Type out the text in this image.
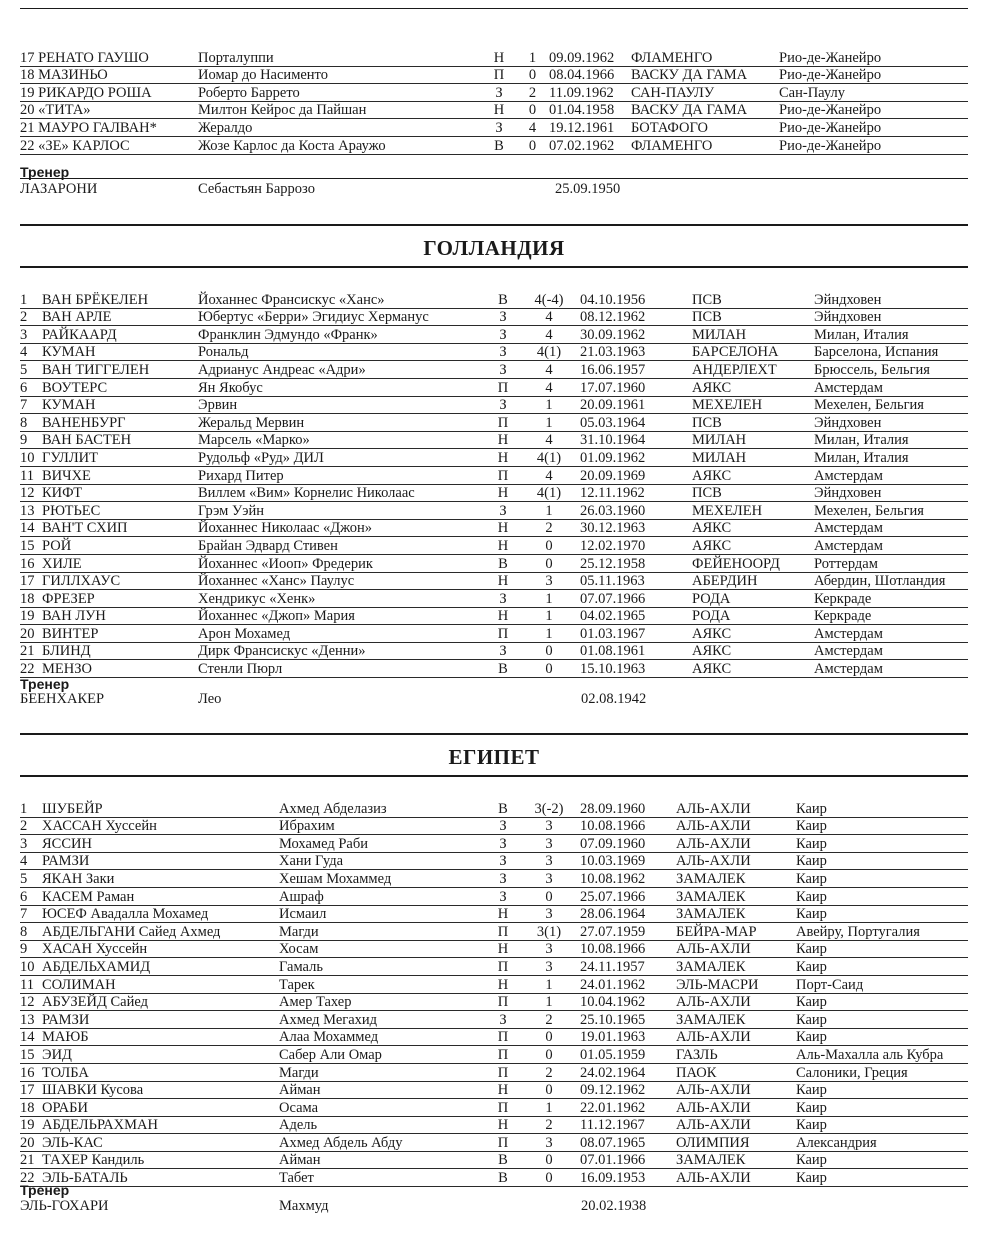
17 РЕНАТО ГАУШО	Порталуппи	Н	1	09.09.1962	ФЛАМЕНГО	Рио-де-Жанейро
18 МАЗИНЬО	Иомар до Насименто	П	0	08.04.1966	ВАСКУ ДА ГАМА	Рио-де-Жанейро
19 РИКАРДО РОША	Роберто Баррето	З	2	11.09.1962	САН-ПАУЛУ	Сан-Паулу
20 «ТИТА»	Милтон Кейрос да Пайшан	Н	0	01.04.1958	ВАСКУ ДА ГАМА	Рио-де-Жанейро
21 МАУРО ГАЛВАН*	Жералдо	З	4	19.12.1961	БОТАФОГО	Рио-де-Жанейро
22 «ЗЕ» КАРЛОС	Жозе Карлос да Коста Араужо	В	0	07.02.1962	ФЛАМЕНГО	Рио-де-Жанейро
Тренер
ЛАЗАРОНИ	Себастьян Баррозо	25.09.1950
ГОЛЛАНДИЯ
1	ВАН БРЁКЕЛЕН	Йоханнес Франсискус «Ханс»	В	4(-4)	04.10.1956	ПСВ	Эйндховен
2	ВАН АРЛЕ	Юбертус «Берри» Эгидиус Херманус	З	4	08.12.1962	ПСВ	Эйндховен
3	РАЙКААРД	Франклин Эдмундо «Франк»	З	4	30.09.1962	МИЛАН	Милан, Италия
4	КУМАН	Рональд	З	4(1)	21.03.1963	БАРСЕЛОНА	Барселона, Испания
5	ВАН ТИГГЕЛЕН	Адрианус Андреас «Адри»	З	4	16.06.1957	АНДЕРЛЕХТ	Брюссель, Бельгия
6	ВОУТЕРС	Ян Якобус	П	4	17.07.1960	АЯКС	Амстердам
7	КУМАН	Эрвин	З	1	20.09.1961	МЕХЕЛЕН	Мехелен, Бельгия
8	ВАНЕНБУРГ	Жеральд Мервин	П	1	05.03.1964	ПСВ	Эйндховен
9	ВАН БАСТЕН	Марсель «Марко»	Н	4	31.10.1964	МИЛАН	Милан, Италия
10	ГУЛЛИТ	Рудольф «Руд» ДИЛ	Н	4(1)	01.09.1962	МИЛАН	Милан, Италия
11	ВИЧХЕ	Рихард Питер	П	4	20.09.1969	АЯКС	Амстердам
12	КИФТ	Виллем «Вим» Корнелис Николаас	Н	4(1)	12.11.1962	ПСВ	Эйндховен
13	РЮТЬЕС	Грэм Уэйн	З	1	26.03.1960	МЕХЕЛЕН	Мехелен, Бельгия
14	ВАН'Т СХИП	Йоханнес Николаас «Джон»	Н	2	30.12.1963	АЯКС	Амстердам
15	РОЙ	Брайан Эдвард Стивен	Н	0	12.02.1970	АЯКС	Амстердам
16	ХИЛЕ	Йоханнес «Иооп» Фредерик	В	0	25.12.1958	ФЕЙЕНООРД	Роттердам
17	ГИЛЛХАУС	Йоханнес «Ханс» Паулус	Н	3	05.11.1963	АБЕРДИН	Абердин, Шотландия
18	ФРЕЗЕР	Хендрикус «Хенк»	З	1	07.07.1966	РОДА	Керкраде
19	ВАН ЛУН	Йоханнес «Джоп» Мария	Н	1	04.02.1965	РОДА	Керкраде
20	ВИНТЕР	Арон Мохамед	П	1	01.03.1967	АЯКС	Амстердам
21	БЛИНД	Дирк Франсискус «Денни»	З	0	01.08.1961	АЯКС	Амстердам
22	МЕНЗО	Стенли Пюрл	В	0	15.10.1963	АЯКС	Амстердам
Тренер
БЕЕНХАКЕР	Лео	02.08.1942
ЕГИПЕТ
1	ШУБЕЙР	Ахмед Абделазиз	В	3(-2)	28.09.1960	АЛЬ-АХЛИ	Каир
2	ХАССАН Хуссейн	Ибрахим	З	3	10.08.1966	АЛЬ-АХЛИ	Каир
3	ЯССИН	Мохамед Раби	З	3	07.09.1960	АЛЬ-АХЛИ	Каир
4	РАМЗИ	Хани Гуда	З	3	10.03.1969	АЛЬ-АХЛИ	Каир
5	ЯКАН Заки	Хешам Мохаммед	З	3	10.08.1962	ЗАМАЛЕК	Каир
6	КАСЕМ Раман	Ашраф	З	0	25.07.1966	ЗАМАЛЕК	Каир
7	ЮСЕФ Авадалла Мохамед	Исмаил	Н	3	28.06.1964	ЗАМАЛЕК	Каир
8	АБДЕЛЬГАНИ Сайед Ахмед	Магди	П	3(1)	27.07.1959	БЕЙРА-МАР	Авейру, Португалия
9	ХАСАН Хуссейн	Хосам	Н	3	10.08.1966	АЛЬ-АХЛИ	Каир
10	АБДЕЛЬХАМИД	Гамаль	П	3	24.11.1957	ЗАМАЛЕК	Каир
11	СОЛИМАН	Тарек	Н	1	24.01.1962	ЭЛЬ-МАСРИ	Порт-Саид
12	АБУЗЕЙД Сайед	Амер Тахер	П	1	10.04.1962	АЛЬ-АХЛИ	Каир
13	РАМЗИ	Ахмед Мегахид	З	2	25.10.1965	ЗАМАЛЕК	Каир
14	МАЮБ	Алаа Мохаммед	П	0	19.01.1963	АЛЬ-АХЛИ	Каир
15	ЭИД	Сабер Али Омар	П	0	01.05.1959	ГАЗЛЬ	Аль-Махалла аль Кубра
16	ТОЛБА	Магди	П	2	24.02.1964	ПАОК	Салоники, Греция
17	ШАВКИ Кусова	Айман	Н	0	09.12.1962	АЛЬ-АХЛИ	Каир
18	ОРАБИ	Осама	П	1	22.01.1962	АЛЬ-АХЛИ	Каир
19	АБДЕЛЬРАХМАН	Адель	Н	2	11.12.1967	АЛЬ-АХЛИ	Каир
20	ЭЛЬ-КАС	Ахмед Абдель Абду	П	3	08.07.1965	ОЛИМПИЯ	Александрия
21	ТАХЕР Кандиль	Айман	В	0	07.01.1966	ЗАМАЛЕК	Каир
22	ЭЛЬ-БАТАЛЬ	Табет	В	0	16.09.1953	АЛЬ-АХЛИ	Каир
Тренер
ЭЛЬ-ГОХАРИ	Махмуд	20.02.1938
